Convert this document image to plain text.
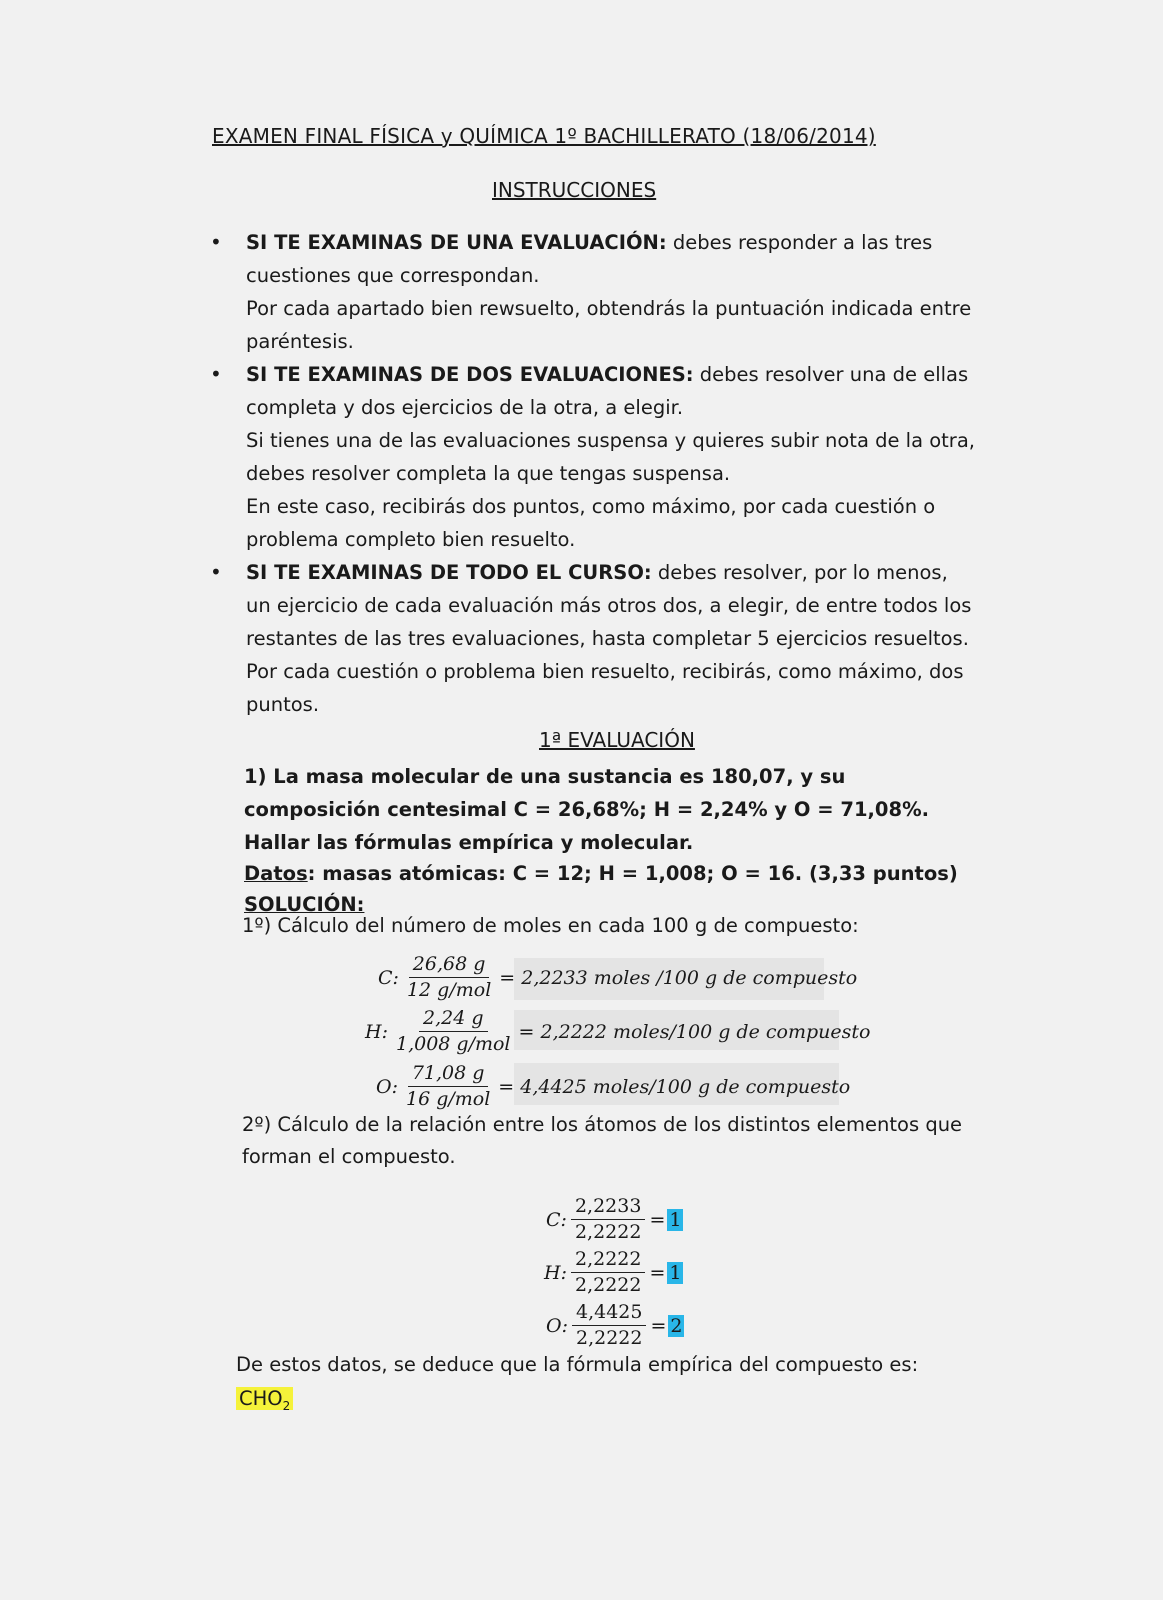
EXAMEN FINAL FÍSICA y QUÍMICA 1º BACHILLERATO (18/06/2014)
INSTRUCCIONES
• SI TE EXAMINAS DE UNA EVALUACIÓN: debes responder a las tres cuestiones que correspondan.
Por cada apartado bien rewsuelto, obtendrás la puntuación indicada entre paréntesis.
• SI TE EXAMINAS DE DOS EVALUACIONES: debes resolver una de ellas completa y dos ejercicios de la otra, a elegir.
Si tienes una de las evaluaciones suspensa y quieres subir nota de la otra, debes resolver completa la que tengas suspensa.
En este caso, recibirás dos puntos, como máximo, por cada cuestión o problema completo bien resuelto.
• SI TE EXAMINAS DE TODO EL CURSO: debes resolver, por lo menos, un ejercicio de cada evaluación más otros dos, a elegir, de entre todos los restantes de las tres evaluaciones, hasta completar 5 ejercicios resueltos.
Por cada cuestión o problema bien resuelto, recibirás, como máximo, dos puntos.
1ª EVALUACIÓN
1) La masa molecular de una sustancia es 180,07, y su composición centesimal C = 26,68%; H = 2,24% y O = 71,08%. Hallar las fórmulas empírica y molecular.
Datos: masas atómicas: C = 12; H = 1,008; O = 16. (3,33 puntos)
SOLUCIÓN:
1º) Cálculo del número de moles en cada 100 g de compuesto:
C: $\frac{26,68 g}{\text{12 g/mol}} = 2,2233$ moles /100 g de compuesto
H: $\frac{2,24 g}{\text{1,008 g/mol}} = 2,2222$ moles/100 g de compuesto
O: $\frac{71,08 g}{\text{16 g/mol}} = 4,4425$ moles/100 g de compuesto
2º) Cálculo de la relación entre los átomos de los distintos elementos que forman el compuesto.
C: $\frac{2,2233}{2,2222} = 1$
H: $\frac{2,2222}{2,2222} = 1$
O: $\frac{4,4425}{2,2222} = 2$
De estos datos, se deduce que la fórmula empírica del compuesto es:
$CHO_2$
